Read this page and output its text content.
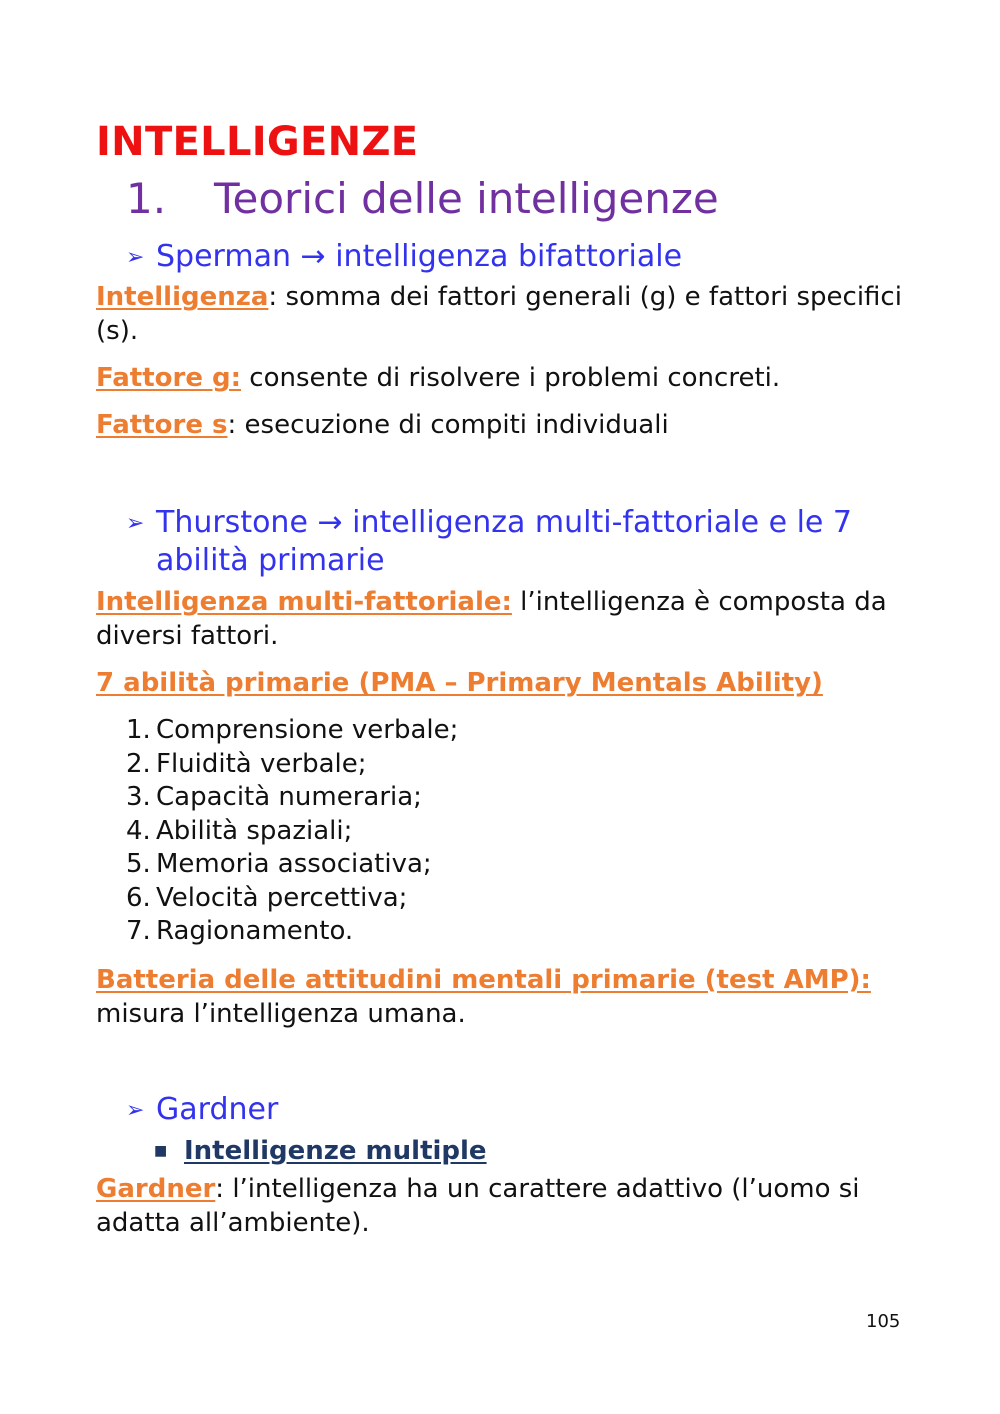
INTELLIGENZE
1.	Teorici delle intelligenze
➢ Sperman → intelligenza bifattoriale

Intelligenza: somma dei fattori generali (g) e fattori specifici (s).

Fattore g: consente di risolvere i problemi concreti.

Fattore s: esecuzione di compiti individuali

➢ Thurstone → intelligenza multi-fattoriale e le 7 abilità primarie

Intelligenza multi-fattoriale: l’intelligenza è composta da diversi fattori.

7 abilità primarie (PMA – Primary Mentals Ability)

1. Comprensione verbale;
2. Fluidità verbale;
3. Capacità numeraria;
4. Abilità spaziali;
5. Memoria associativa;
6. Velocità percettiva;
7. Ragionamento.

Batteria delle attitudini mentali primarie (test AMP): misura l’intelligenza umana.

➢ Gardner
■ Intelligenze multiple

Gardner: l’intelligenza ha un carattere adattivo (l’uomo si adatta all’ambiente).

105
